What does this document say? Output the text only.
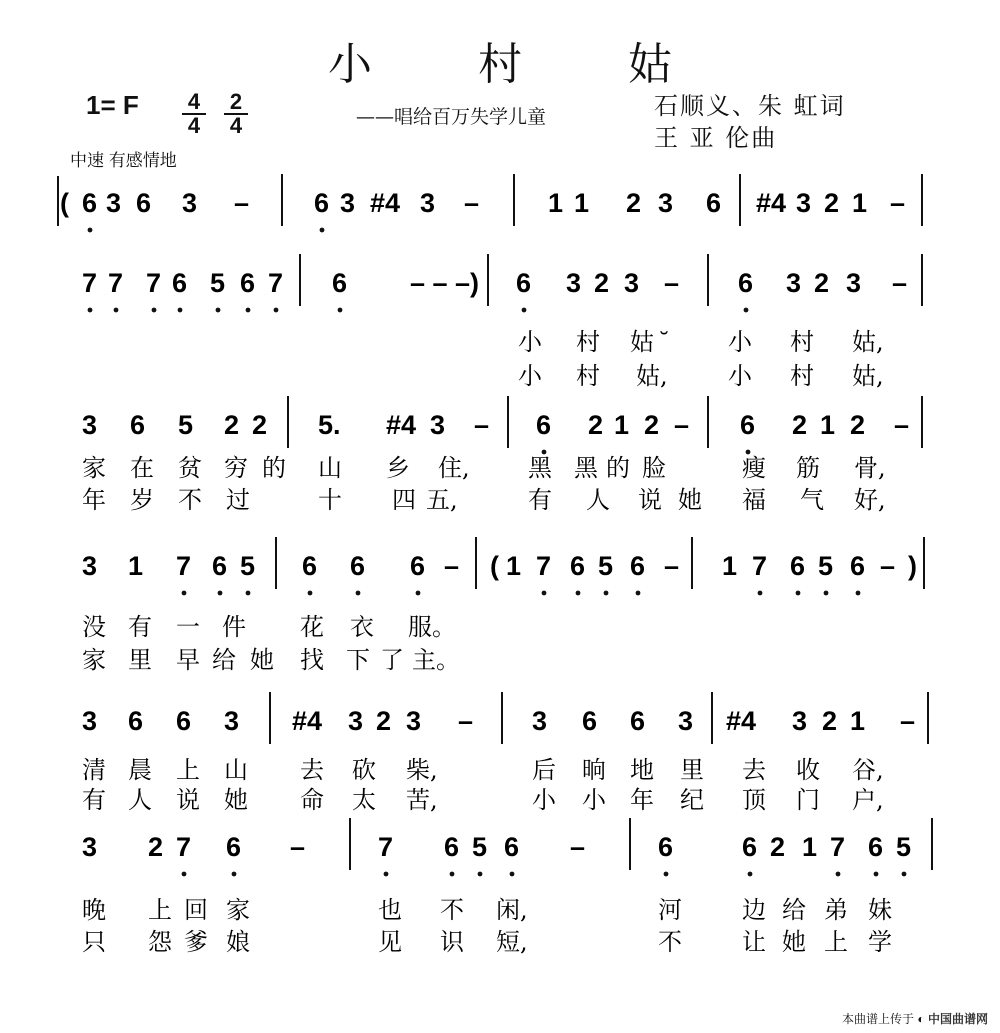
小 村 姑
1= F 4
4
2
4	——唱给百万失学儿童	石顺义、朱 虹词
王 亚 伦曲
中速 有感情地
( 6 3 6 3 – 6 3 #4 3 –	1 1 2 3 6 #4 3 2 1 –
7 7 7 6 5 6 7 6 – – – ) 6 3 2 3 – 6 3 2 3 –
小 村 姑 ˘ 小 村 姑,
小 村 姑,	小 村 姑,
3 6 5 2 2 5. #4 3 – 6 2 1 2 – 6 2 1 2 –
家 在 贫 穷 的 山 乡 住, 黑 黑 的 脸	瘦 筋 骨,
年 岁 不 过	十 四 五,	有 人 说 她 福 气 好,
3 1 7 6 5 6 6 6 – ( 1 7 6 5 6 – 1 7 6 5 6 – )
没 有 一 件 花 衣 服。
家 里 早 给 她 找 下 了 主。
3 6 6 3 #4 3 2 3 – 3 6 6 3 #4 3 2 1 –
清 晨 上 山 去 砍 柴,	后 晌 地 里 去 收 谷,
有 人 说 她 命 太 苦,	小 小 年 纪 顶 门 户,
3 2 7 6 –	7 6 5 6 –	6	6 2 1 7 6 5
晚 上 回 家	也 不 闲,	河	边 给 弟 妹
只 怨 爹 娘	见 识 短,	不	让 她 上 学
本曲谱上传于 ◐ 中国曲谱网
